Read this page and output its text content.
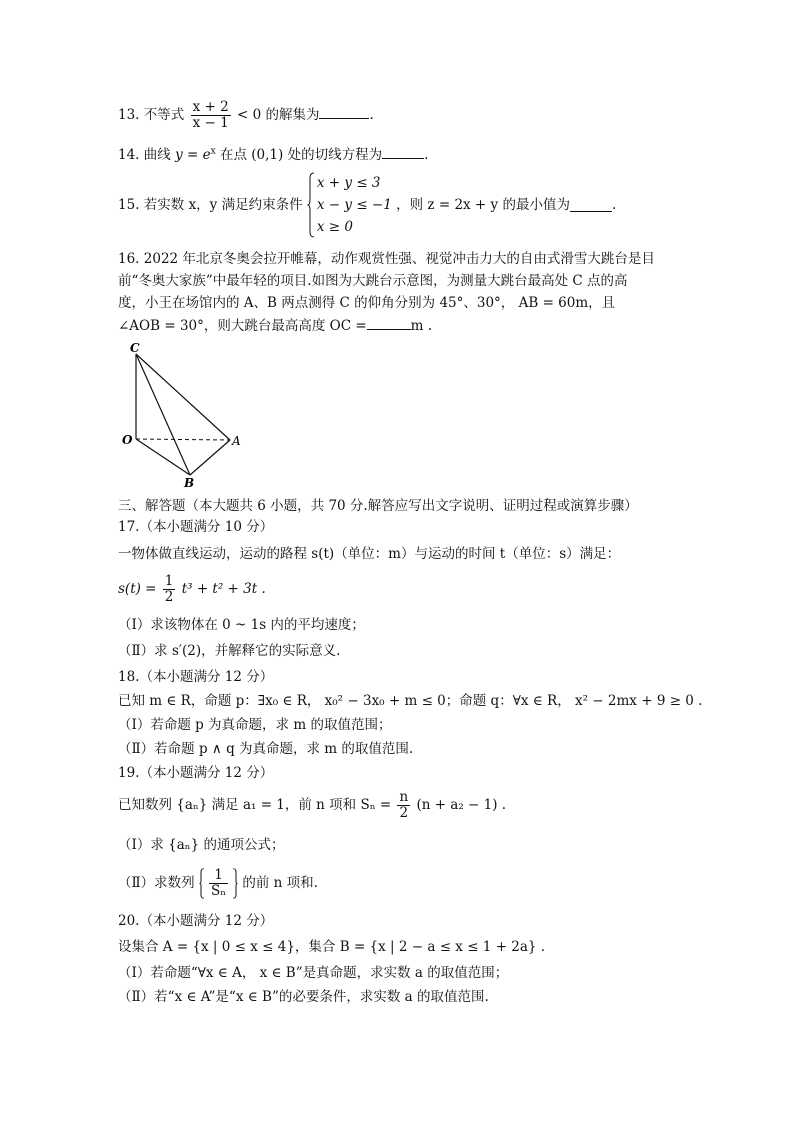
13. 不等式 $\frac{x + 2}{x - 1} < 0$ 的解集为	.
14. 曲线 $y = e^x$ 在点 (0,1) 处的切线方程为	.
15. 若实数 x，y 满足约束条件
x + y ≤ 3
x − y ≤ −1
x ≥ 0
，则 z = 2x + y 的最小值为	.
16. 2022 年北京冬奥会拉开帷幕，动作观赏性强、视觉冲击力大的自由式滑雪大跳台是目
前“冬奥大家族”中最年轻的项目.如图为大跳台示意图，为测量大跳台最高处 C 点的高
度，小王在场馆内的 A、B 两点测得 C 的仰角分别为 45°、30°， AB = 60m，且
∠AOB = 30°，则大跳台最高高度 OC =	m .
C
O	A
B
三、解答题（本大题共 6 小题，共 70 分.解答应写出文字说明、证明过程或演算步骤）
17.（本小题满分 10 分）
一物体做直线运动，运动的路程 s(t)（单位：m）与运动的时间 t（单位：s）满足：
$s(t) = \frac{1}{2} t^3 + t^2 + 3t$ .
（Ⅰ）求该物体在 0 ~ 1s 内的平均速度；
（Ⅱ）求 s′(2)，并解释它的实际意义.
18.（本小题满分 12 分）
已知 m ∈ R，命题 p：∃x₀ ∈ R， x₀² − 3x₀ + m ≤ 0；命题 q：∀x ∈ R， x² − 2mx + 9 ≥ 0 .
（Ⅰ）若命题 p 为真命题，求 m 的取值范围；
（Ⅱ）若命题 p ∧ q 为真命题，求 m 的取值范围.
19.（本小题满分 12 分）
已知数列 {aₙ} 满足 a₁ = 1，前 n 项和 $S_n = \frac{n}{2} (n + a_2 - 1)$ .
（Ⅰ）求 {aₙ} 的通项公式；
（Ⅱ）求数列 $\frac{1}{\text{Sₙ}}$ 的前 n 项和.
20.（本小题满分 12 分）
设集合 A = {x | 0 ≤ x ≤ 4}，集合 B = {x | 2 − a ≤ x ≤ 1 + 2a} .
（Ⅰ）若命题“∀x ∈ A， x ∈ B”是真命题，求实数 a 的取值范围；
（Ⅱ）若“x ∈ A”是“x ∈ B”的必要条件，求实数 a 的取值范围.
